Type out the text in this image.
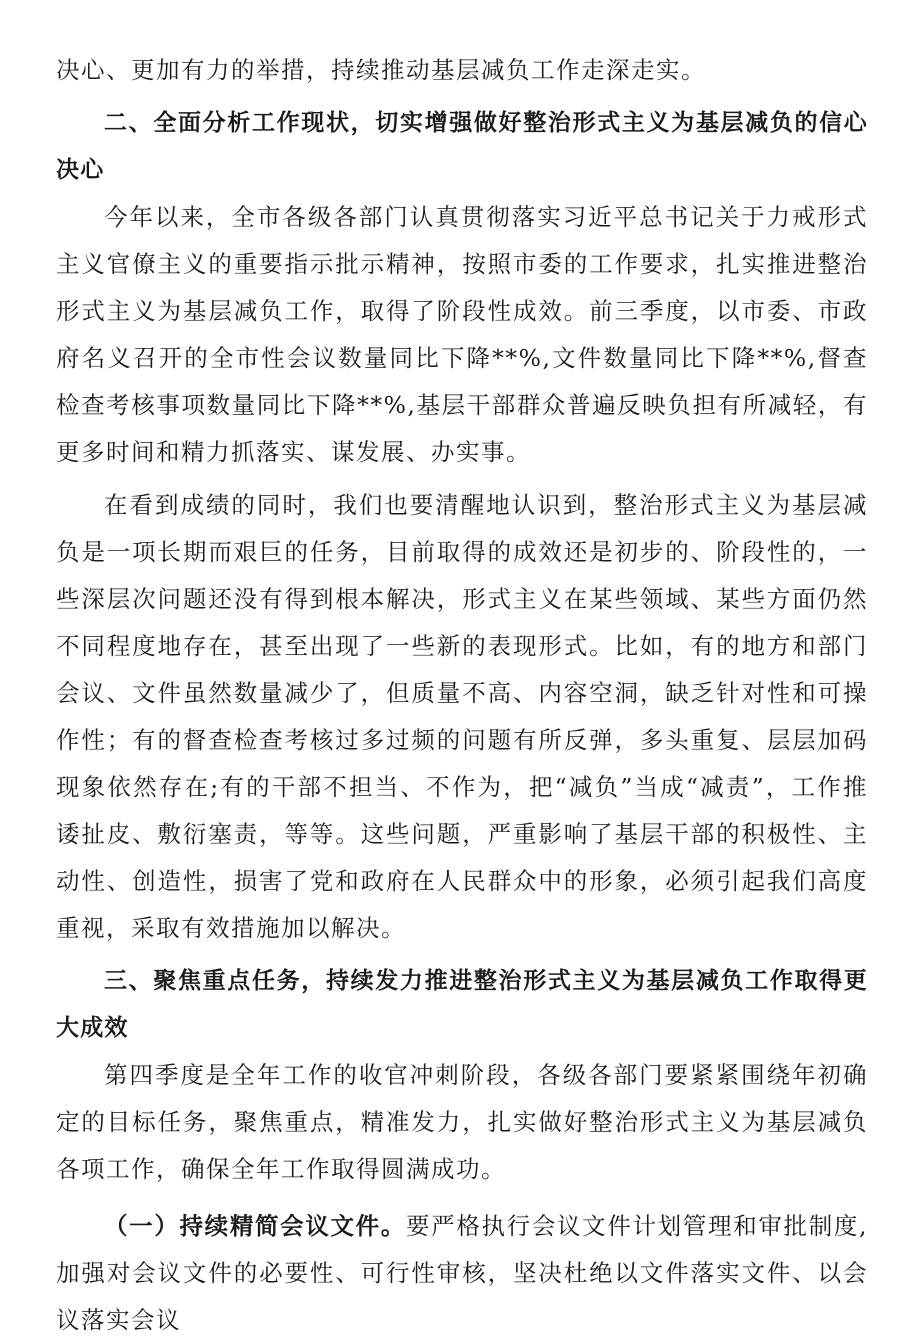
决心、更加有力的举措，持续推动基层减负工作走深走实。

二、全面分析工作现状，切实增强做好整治形式主义为基层减负的信心决心

今年以来，全市各级各部门认真贯彻落实习近平总书记关于力戒形式主义官僚主义的重要指示批示精神，按照市委的工作要求，扎实推进整治形式主义为基层减负工作，取得了阶段性成效。前三季度，以市委、市政府名义召开的全市性会议数量同比下降**%,文件数量同比下降**%,督查检查考核事项数量同比下降**%,基层干部群众普遍反映负担有所减轻，有更多时间和精力抓落实、谋发展、办实事。

在看到成绩的同时，我们也要清醒地认识到，整治形式主义为基层减负是一项长期而艰巨的任务，目前取得的成效还是初步的、阶段性的，一些深层次问题还没有得到根本解决，形式主义在某些领域、某些方面仍然不同程度地存在，甚至出现了一些新的表现形式。比如，有的地方和部门会议、文件虽然数量减少了，但质量不高、内容空洞，缺乏针对性和可操作性；有的督查检查考核过多过频的问题有所反弹，多头重复、层层加码现象依然存在;有的干部不担当、不作为，把“减负”当成“减责”，工作推诿扯皮、敷衍塞责，等等。这些问题，严重影响了基层干部的积极性、主动性、创造性，损害了党和政府在人民群众中的形象，必须引起我们高度重视，采取有效措施加以解决。

三、聚焦重点任务，持续发力推进整治形式主义为基层减负工作取得更大成效

第四季度是全年工作的收官冲刺阶段，各级各部门要紧紧围绕年初确定的目标任务，聚焦重点，精准发力，扎实做好整治形式主义为基层减负各项工作，确保全年工作取得圆满成功。

（一）持续精简会议文件。要严格执行会议文件计划管理和审批制度,加强对会议文件的必要性、可行性审核，坚决杜绝以文件落实文件、以会议落实会议
